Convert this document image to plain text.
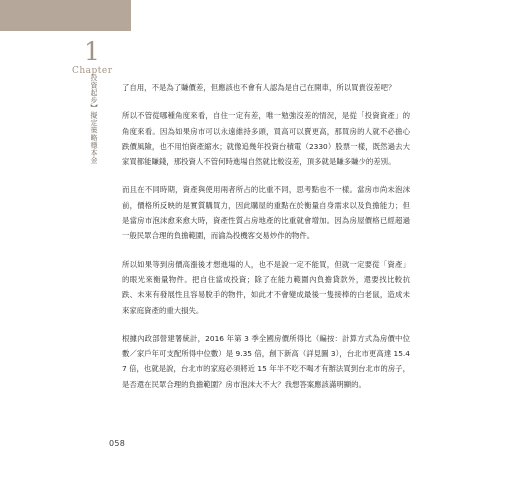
1
Chapter
投資起步】擬定策略穩本金	了自用，不是為了賺價差，但應該也不會有人認為是自己在開車，所以買貴沒差吧？

所以不管從哪種角度來看，自住一定有差，唯一勉強沒差的情況，是從「投資資產」的角度來看。因為如果房市可以永遠維持多頭，買高可以賣更高，那買房的人就不必擔心跌價風險，也不用怕資產縮水；就像追幾年投資台積電（2330）股票一樣，既然過去大家買都能賺錢，那投資人不管何時進場自然就比較沒差，頂多就是賺多賺少的差別。

而且在不同時期，資產與使用兩者所占的比重不同，思考點也不一樣。當房市尚未泡沫前，價格所反映的是實質購買力，因此購屋的重點在於衡量自身需求以及負擔能力；但是當房市泡沫愈來愈大時，資產性質占房地產的比重就會增加。因為房屋價格已經超過一般民眾合理的負擔範圍，而淪為投機客交易炒作的物件。

所以如果等到房價高漲後才想進場的人，也不是說一定不能買，但就一定要從「資產」的眼光來衡量物件。把自住當成投資；除了在能力範圍內負擔貸款外，還要找比較抗跌、未來有發展性且容易脫手的物件，如此才不會變成最後一隻接棒的白老鼠，造成未來家庭資產的重大損失。

根據內政部營建署統計，2016 年第 3 季全國房價所得比（編按：計算方式為房價中位數／家戶年可支配所得中位數）是 9.35 倍，創下新高（詳見圖 3），台北市更高達 15.47 倍，也就是說，台北市的家庭必須將近 15 年半不吃不喝才有辦法買到台北市的房子，是否還在民眾合理的負擔範圍？房市泡沫大不大？我想答案應該滿明顯的。

058
